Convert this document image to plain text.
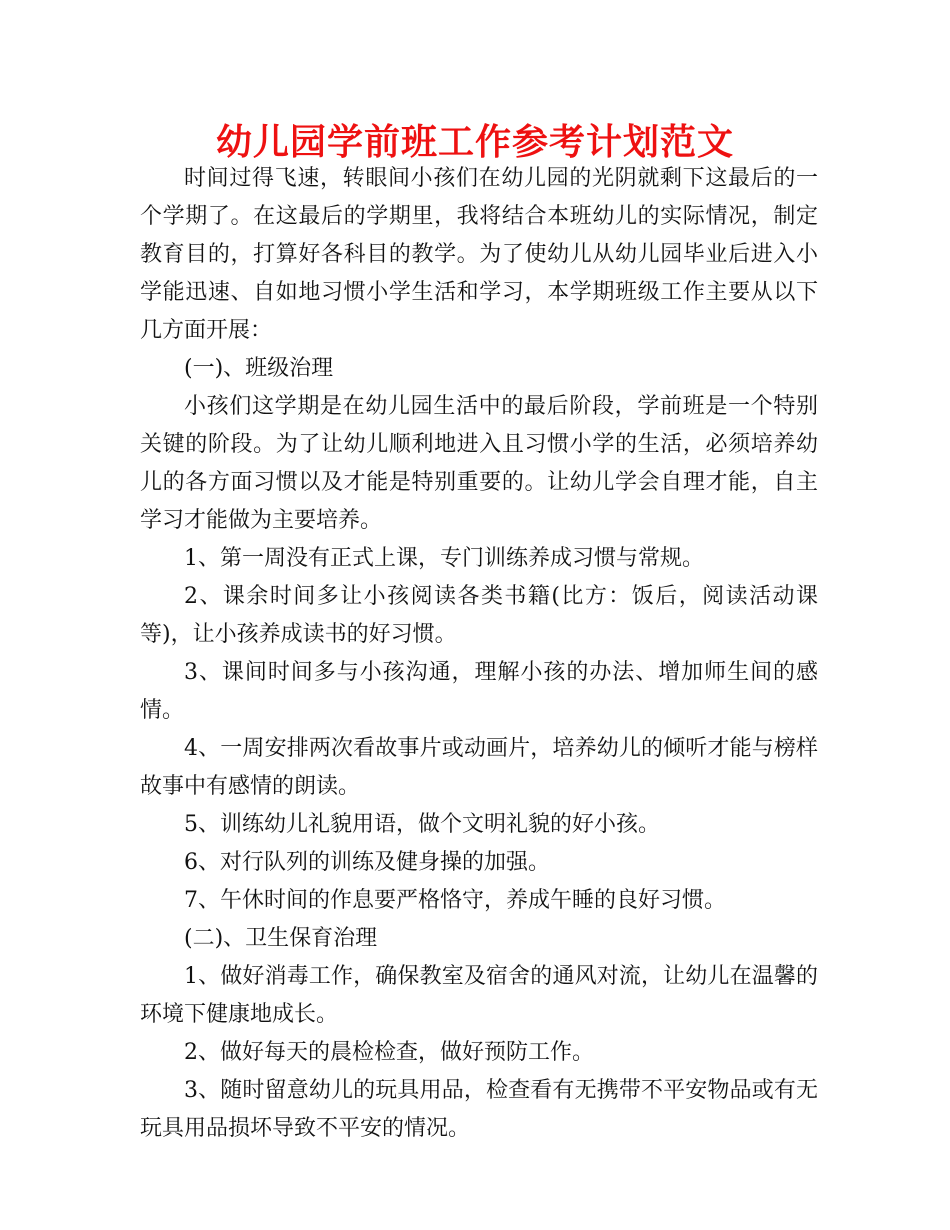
幼儿园学前班工作参考计划范文

时间过得飞速，转眼间小孩们在幼儿园的光阴就剩下这最后的一个学期了。在这最后的学期里，我将结合本班幼儿的实际情况，制定教育目的，打算好各科目的教学。为了使幼儿从幼儿园毕业后进入小学能迅速、自如地习惯小学生活和学习，本学期班级工作主要从以下几方面开展：

(一)、班级治理

小孩们这学期是在幼儿园生活中的最后阶段，学前班是一个特别关键的阶段。为了让幼儿顺利地进入且习惯小学的生活，必须培养幼儿的各方面习惯以及才能是特别重要的。让幼儿学会自理才能，自主学习才能做为主要培养。

1、第一周没有正式上课，专门训练养成习惯与常规。

2、课余时间多让小孩阅读各类书籍(比方：饭后，阅读活动课等)，让小孩养成读书的好习惯。

3、课间时间多与小孩沟通，理解小孩的办法、增加师生间的感情。

4、一周安排两次看故事片或动画片，培养幼儿的倾听才能与榜样故事中有感情的朗读。

5、训练幼儿礼貌用语，做个文明礼貌的好小孩。

6、对行队列的训练及健身操的加强。

7、午休时间的作息要严格恪守，养成午睡的良好习惯。

(二)、卫生保育治理

1、做好消毒工作，确保教室及宿舍的通风对流，让幼儿在温馨的环境下健康地成长。

2、做好每天的晨检检查，做好预防工作。

3、随时留意幼儿的玩具用品，检查看有无携带不平安物品或有无玩具用品损坏导致不平安的情况。
